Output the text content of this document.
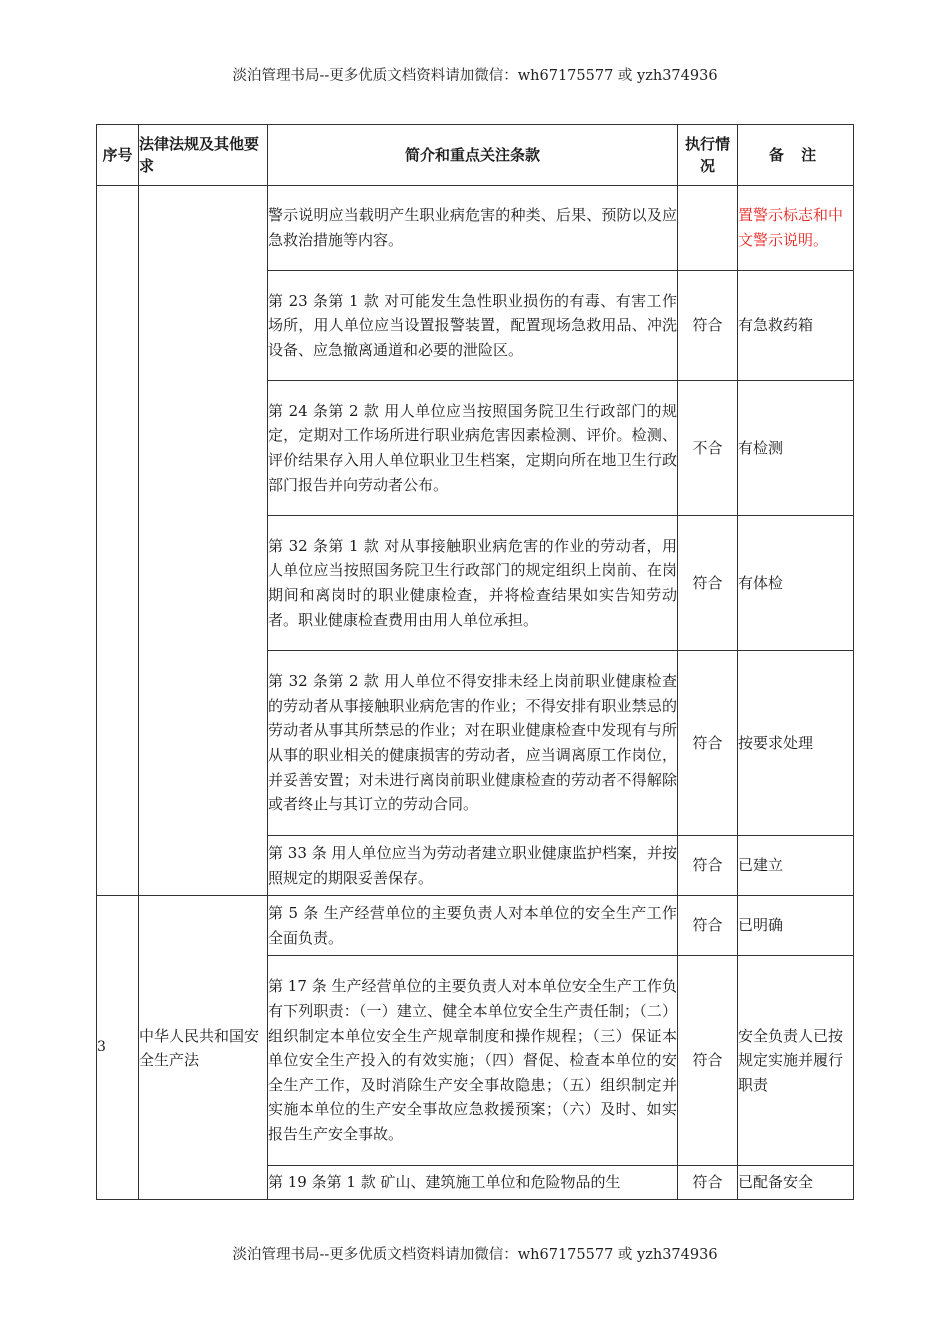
淡泊管理书局--更多优质文档资料请加微信：wh67175577 或 yzh374936
序号	法律法规及其他要求	简介和重点关注条款	执行情况	备 注
		警示说明应当载明产生职业病危害的种类、后果、预防以及应急救治措施等内容。		置警示标志和中文警示说明。
		第 23 条第 1 款 对可能发生急性职业损伤的有毒、有害工作场所，用人单位应当设置报警装置，配置现场急救用品、冲洗设备、应急撤离通道和必要的泄险区。	符合	有急救药箱
		第 24 条第 2 款 用人单位应当按照国务院卫生行政部门的规定，定期对工作场所进行职业病危害因素检测、评价。检测、评价结果存入用人单位职业卫生档案，定期向所在地卫生行政部门报告并向劳动者公布。	不合	有检测
		第 32 条第 1 款 对从事接触职业病危害的作业的劳动者，用人单位应当按照国务院卫生行政部门的规定组织上岗前、在岗期间和离岗时的职业健康检查，并将检查结果如实告知劳动者。职业健康检查费用由用人单位承担。	符合	有体检
		第 32 条第 2 款 用人单位不得安排未经上岗前职业健康检查的劳动者从事接触职业病危害的作业；不得安排有职业禁忌的劳动者从事其所禁忌的作业；对在职业健康检查中发现有与所从事的职业相关的健康损害的劳动者，应当调离原工作岗位，并妥善安置；对未进行离岗前职业健康检查的劳动者不得解除或者终止与其订立的劳动合同。	符合	按要求处理
		第 33 条 用人单位应当为劳动者建立职业健康监护档案，并按照规定的期限妥善保存。	符合	已建立
3	中华人民共和国安全生产法	第 5 条 生产经营单位的主要负责人对本单位的安全生产工作全面负责。	符合	已明确
		第 17 条 生产经营单位的主要负责人对本单位安全生产工作负有下列职责：（一）建立、健全本单位安全生产责任制；（二）组织制定本单位安全生产规章制度和操作规程；（三）保证本单位安全生产投入的有效实施；（四）督促、检查本单位的安全生产工作，及时消除生产安全事故隐患；（五）组织制定并实施本单位的生产安全事故应急救援预案；（六）及时、如实报告生产安全事故。	符合	安全负责人已按规定实施并履行职责
		第 19 条第 1 款 矿山、建筑施工单位和危险物品的生	符合	已配备安全
淡泊管理书局--更多优质文档资料请加微信：wh67175577 或 yzh374936
